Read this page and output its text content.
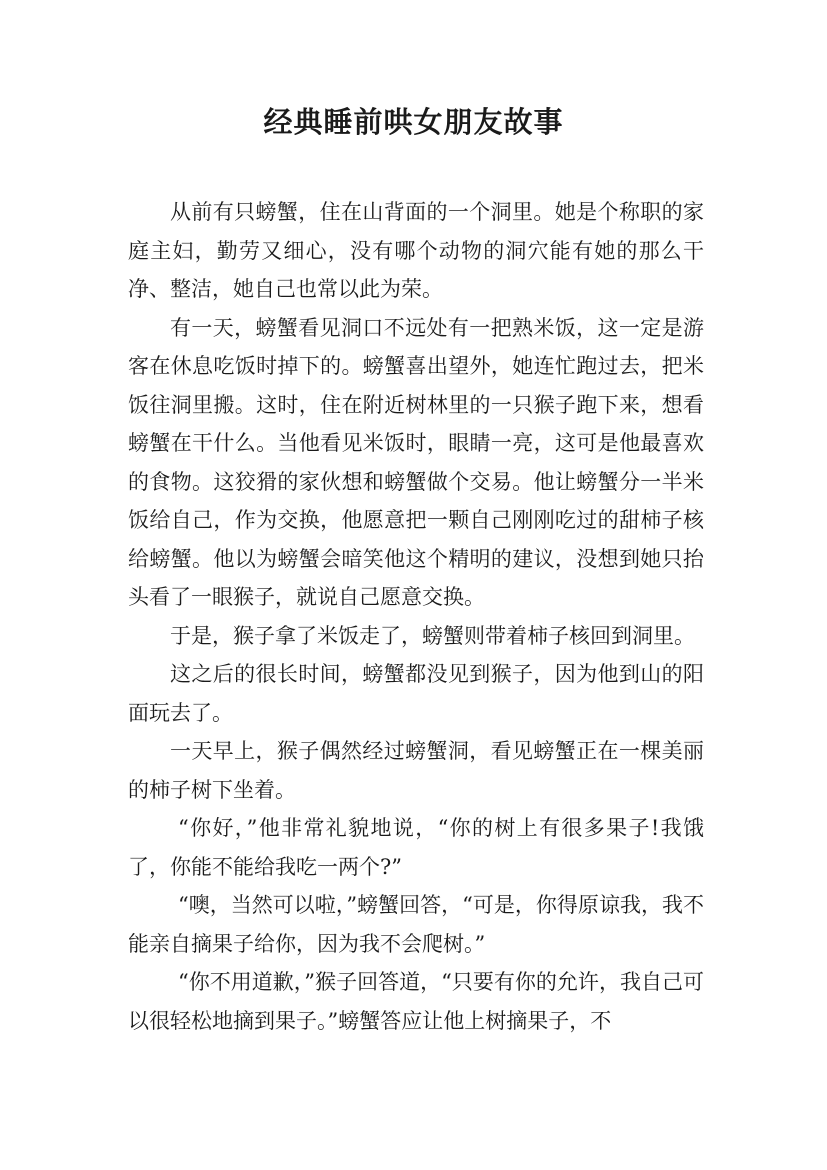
经典睡前哄女朋友故事

从前有只螃蟹，住在山背面的一个洞里。她是个称职的家庭主妇，勤劳又细心，没有哪个动物的洞穴能有她的那么干净、整洁，她自己也常以此为荣。

有一天，螃蟹看见洞口不远处有一把熟米饭，这一定是游客在休息吃饭时掉下的。螃蟹喜出望外，她连忙跑过去，把米饭往洞里搬。这时，住在附近树林里的一只猴子跑下来，想看螃蟹在干什么。当他看见米饭时，眼睛一亮，这可是他最喜欢的食物。这狡猾的家伙想和螃蟹做个交易。他让螃蟹分一半米饭给自己，作为交换，他愿意把一颗自己刚刚吃过的甜柿子核给螃蟹。他以为螃蟹会暗笑他这个精明的建议，没想到她只抬头看了一眼猴子，就说自己愿意交换。

于是，猴子拿了米饭走了，螃蟹则带着柿子核回到洞里。

这之后的很长时间，螃蟹都没见到猴子，因为他到山的阳面玩去了。

一天早上，猴子偶然经过螃蟹洞，看见螃蟹正在一棵美丽的柿子树下坐着。

“你好，”他非常礼貌地说，“你的树上有很多果子!我饿了，你能不能给我吃一两个?”

“噢，当然可以啦，”螃蟹回答，“可是，你得原谅我，我不能亲自摘果子给你，因为我不会爬树。”

“你不用道歉，”猴子回答道，“只要有你的允许，我自己可以很轻松地摘到果子。”螃蟹答应让他上树摘果子，不
